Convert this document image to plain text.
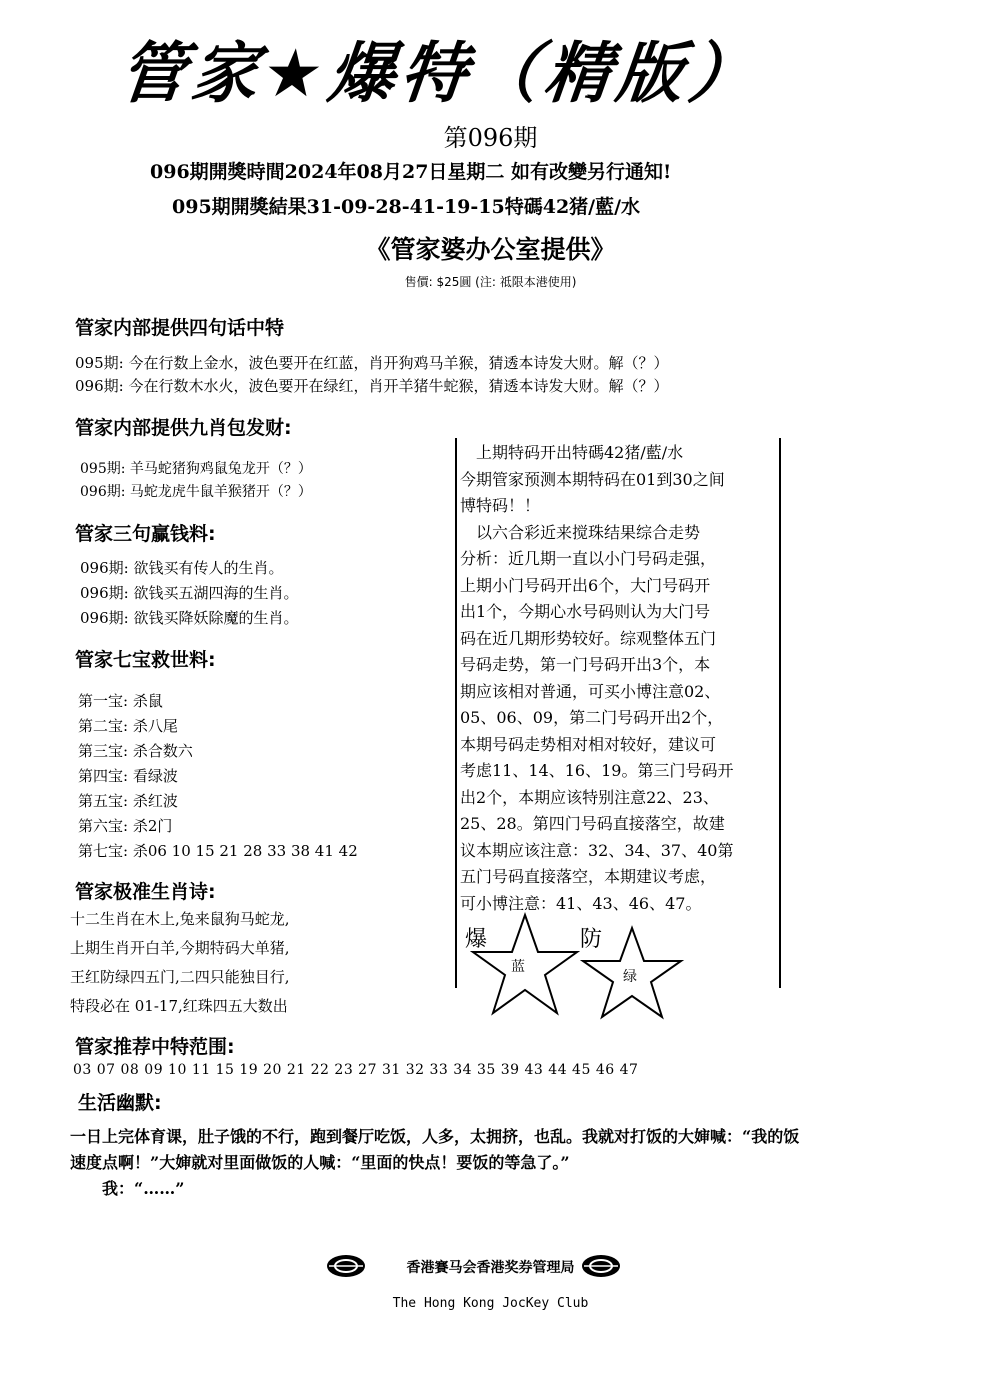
管家★爆特（精版）
第096期
096期開獎時間2024年08月27日星期二 如有改變另行通知!
095期開獎結果31-09-28-41-19-15特碼42猪/藍/水
《管家婆办公室提供》
售價: $25圓 (注: 祗限本港使用)
管家内部提供四句话中特
095期: 今在行数上金水，波色要开在红蓝，肖开狗鸡马羊猴，猜透本诗发大财。解（？）
096期: 今在行数木水火，波色要开在绿红，肖开羊猪牛蛇猴，猜透本诗发大财。解（？）
管家内部提供九肖包发财:
095期: 羊马蛇猪狗鸡鼠兔龙开（？）
096期: 马蛇龙虎牛鼠羊猴猪开（？）
管家三句赢钱料:
096期: 欲钱买有传人的生肖。
096期: 欲钱买五湖四海的生肖。
096期: 欲钱买降妖除魔的生肖。
管家七宝救世料:
第一宝: 杀鼠
第二宝: 杀八尾
第三宝: 杀合数六
第四宝: 看绿波
第五宝: 杀红波
第六宝: 杀2门
第七宝: 杀06 10 15 21 28 33 38 41 42
管家极准生肖诗:
十二生肖在木上,兔来鼠狗马蛇龙,
上期生肖开白羊,今期特码大单猪,
王红防绿四五门,二四只能独目行,
特段必在 01-17,红珠四五大数出

　上期特码开出特碼42猪/藍/水

今期管家预测本期特码在01到30之间

博特码！！

　以六合彩近来搅珠结果综合走势

分析：近几期一直以小门号码走强，

上期小门号码开出6个，大门号码开

出1个，今期心水号码则认为大门号

码在近几期形势较好。综观整体五门

号码走势，第一门号码开出3个，本

期应该相对普通，可买小博注意02、

05、06、09，第二门号码开出2个，

本期号码走势相对相对较好，建议可

考虑11、14、16、19。第三门号码开

出2个，本期应该特别注意22、23、

25、28。第四门号码直接落空，故建

议本期应该注意：32、34、37、40第

五门号码直接落空，本期建议考虑，

可小博注意：41、43、46、47。

爆
蓝
防
绿
管家推荐中特范围:
03 07 08 09 10 11 15 19 20 21 22 23 27 31 32 33 34 35 39 43 44 45 46 47
生活幽默:

一日上完体育课，肚子饿的不行，跑到餐厅吃饭，人多，太拥挤，也乱。我就对打饭的大婶喊：“我的饭

速度点啊！”大婶就对里面做饭的人喊：“里面的快点！要饭的等急了。”

　　我：“……”

香港賽马会香港奖券管理局
The Hong Kong JocKey Club
